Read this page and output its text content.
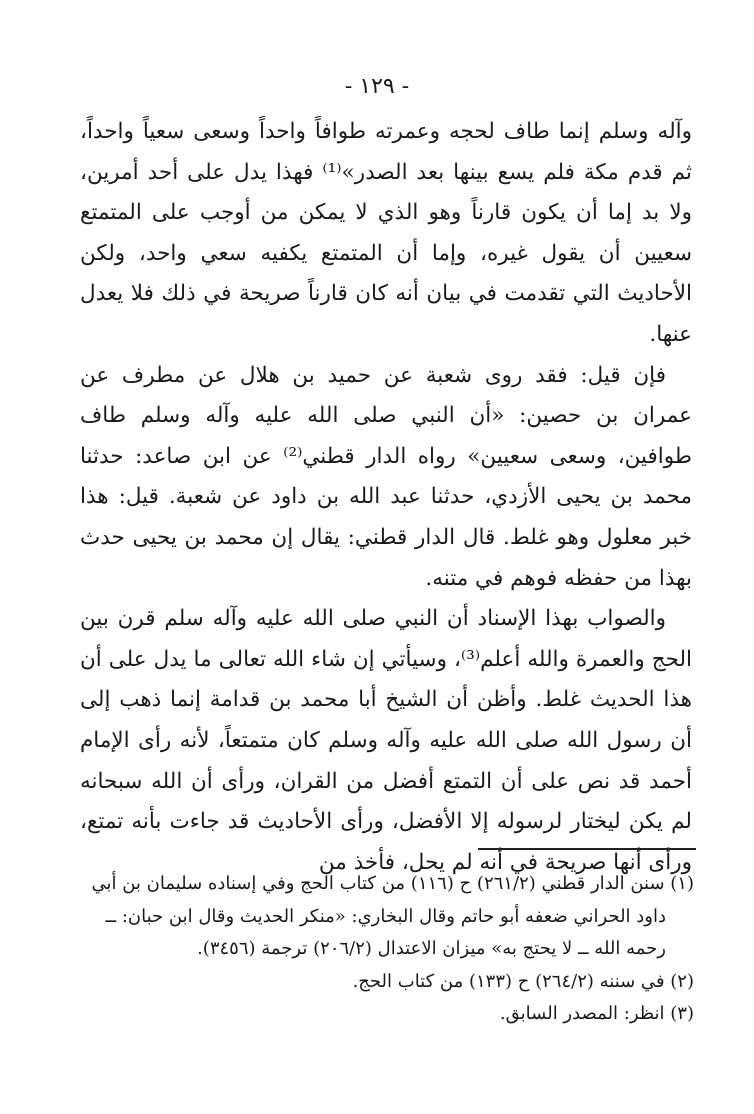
- ١٢٩ -

وآله وسلم إنما طاف لحجه وعمرته طوافاً واحداً وسعى سعياً واحداً، ثم قدم مكة فلم يسع بينها بعد الصدر»⁽¹⁾ فهذا يدل على أحد أمرين، ولا بد إما أن يكون قارناً وهو الذي لا يمكن من أوجب على المتمتع سعيين أن يقول غيره، وإما أن المتمتع يكفيه سعي واحد، ولكن الأحاديث التي تقدمت في بيان أنه كان قارناً صريحة في ذلك فلا يعدل عنها.

فإن قيل: فقد روى شعبة عن حميد بن هلال عن مطرف عن عمران بن حصين: «أن النبي صلى الله عليه وآله وسلم طاف طوافين، وسعى سعيين» رواه الدار قطني⁽²⁾ عن ابن صاعد: حدثنا محمد بن يحيى الأزدي، حدثنا عبد الله بن داود عن شعبة. قيل: هذا خبر معلول وهو غلط. قال الدار قطني: يقال إن محمد بن يحيى حدث بهذا من حفظه فوهم في متنه.

والصواب بهذا الإسناد أن النبي صلى الله عليه وآله سلم قرن بين الحج والعمرة والله أعلم⁽³⁾، وسيأتي إن شاء الله تعالى ما يدل على أن هذا الحديث غلط. وأظن أن الشيخ أبا محمد بن قدامة إنما ذهب إلى أن رسول الله صلى الله عليه وآله وسلم كان متمتعاً، لأنه رأى الإمام أحمد قد نص على أن التمتع أفضل من القران، ورأى أن الله سبحانه لم يكن ليختار لرسوله إلا الأفضل، ورأى الأحاديث قد جاءت بأنه تمتع، ورأى أنها صريحة في أنه لم يحل، فأخذ من

(١) سنن الدار قطني (٢٦١/٢) ح (١١٦) من كتاب الحج وفي إسناده سليمان بن أبي

داود الحراني ضعفه أبو حاتم وقال البخاري: «منكر الحديث وقال ابن حبان: ــ

رحمه الله ــ لا يحتج به» ميزان الاعتدال (٢٠٦/٢) ترجمة (٣٤٥٦).

(٢) في سننه (٢٦٤/٢) ح (١٣٣) من كتاب الحج.

(٣) انظر: المصدر السابق.
